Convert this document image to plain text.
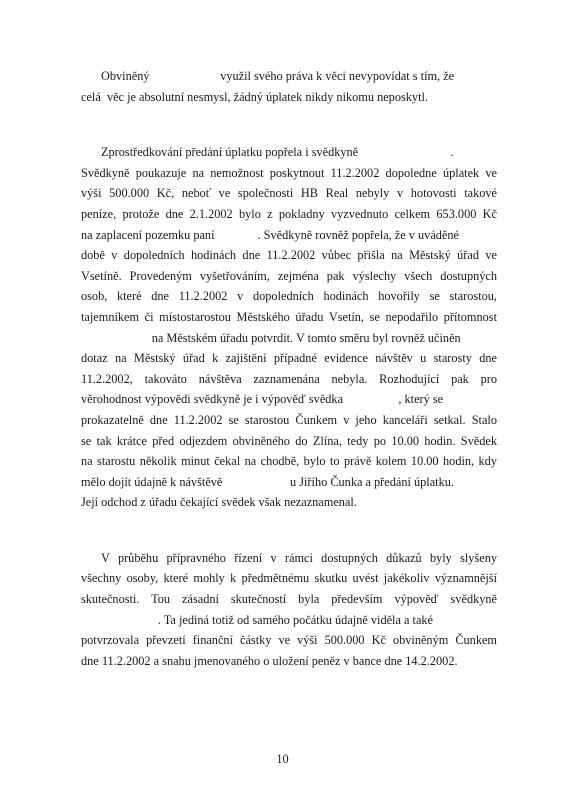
Obviněný                       využil svého práva k věci nevypovídat s tím, že
celá  věc je absolutní nesmysl, žádný úplatek nikdy nikomu neposkytl.

Zprostředkování předání úplatku popřela i svědkyně                              .
Svědkyně poukazuje na nemožnost poskytnout 11.2.2002 dopoledne úplatek ve
výši 500.000 Kč, neboť ve společnosti HB Real nebyly v hotovosti takové
peníze, protože dne 2.1.2002 bylo z pokladny vyzvednuto celkem 653.000 Kč
na zaplacení pozemku paní              . Svědkyně rovněž popřela, že v uváděné
době v dopoledních hodinách dne 11.2.2002 vůbec přišla na Městský úřad ve
Vsetíně. Provedeným vyšetřováním, zejména pak výslechy všech dostupných
osob, které dne 11.2.2002 v dopoledních hodinách hovořily se starostou,
tajemníkem či místostarostou Městského úřadu Vsetín, se nepodařilo přítomnost
na Městském úřadu potvrdit. V tomto směru byl rovněž učiněn
dotaz na Městský úřad k zajištění případné evidence návštěv u starosty dne
11.2.2002, takováto návštěva zaznamenána nebyla. Rozhodující pak pro
věrohodnost výpovědi svědkyně je i výpověď svědka                  , který se
prokazatelně dne 11.2.2002 se starostou Čunkem v jeho kanceláři setkal. Stalo
se tak krátce před odjezdem obviněného do Zlína, tedy po 10.00 hodin. Svědek
na starostu několik minut čekal na chodbě, bylo to právě kolem 10.00 hodin, kdy
mělo dojít údajně k návštěvě                      u Jiřího Čunka a předání úplatku.
Její odchod z úřadu čekající svědek však nezaznamenal.

V průběhu přípravného řízení v rámci dostupných důkazů byly slyšeny
všechny osoby, které mohly k předmětnému skutku uvést jakékoliv významnější
skutečnosti. Tou zásadní skutečností byla především výpověď svědkyně
. Ta jediná totiž od samého počátku údajně viděla a také
potvrzovala převzetí finanční částky ve výši 500.000 Kč obviněným Čunkem
dne 11.2.2002 a snahu jmenovaného o uložení peněz v bance dne 14.2.2002.

10
